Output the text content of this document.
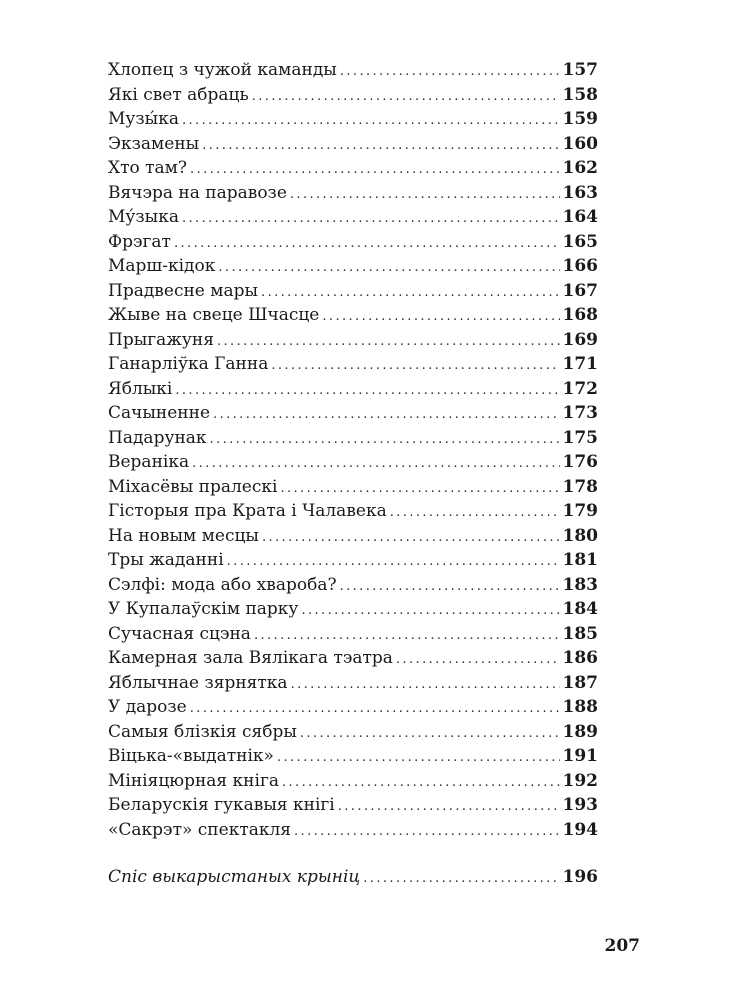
Хлопец з чужой каманды .....	157
Які свет абраць .....	158
Музы́ка .....	159
Экзамены .....	160
Хто там? .....	162
Вячэра на паравозе .....	163
Му́зыка .....	164
Фрэгат .....	165
Марш-кідок .....	166
Прадвесне мары .....	167
Жыве на свеце Шчасце .....	168
Прыгажуня .....	169
Ганарліўка Ганна .....	171
Яблыкі .....	172
Сачыненне .....	173
Падарунак .....	175
Вераніка .....	176
Міхасёвы пралескі .....	178
Гісторыя пра Крата і Чалавека .....	179
На новым месцы .....	180
Тры жаданні .....	181
Сэлфі: мода або хвароба? .....	183
У Купалаўскім парку .....	184
Сучасная сцэна .....	185
Камерная зала Вялікага тэатра .....	186
Яблычнае зярнятка .....	187
У дарозе .....	188
Самыя блізкія сябры .....	189
Віцька-«выдатнік» .....	191
Мініяцюрная кніга .....	192
Беларускія гукавыя кнігі .....	193
«Сакрэт» спектакля .....	194
Спіс выкарыстаных крыніц .....	196
207
